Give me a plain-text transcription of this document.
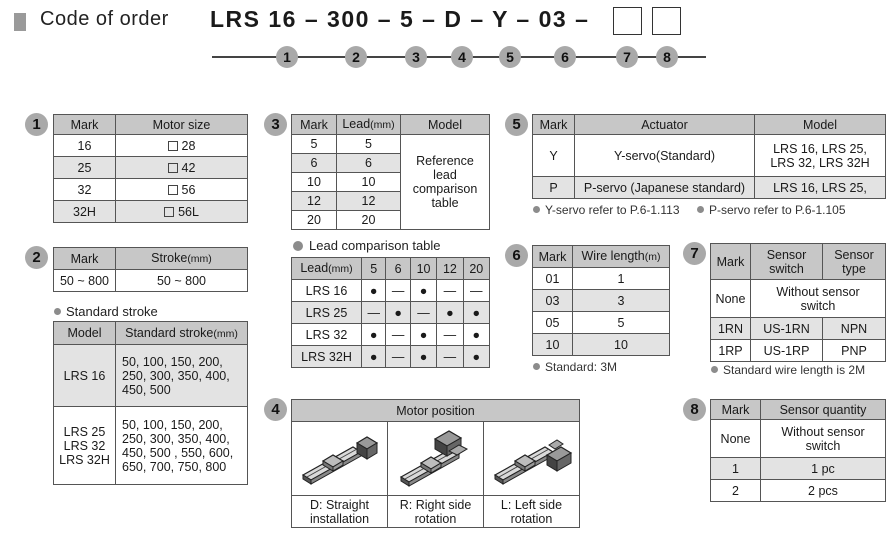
Code of order LRS 16 – 300 – 5 – D – Y – 03 –
1	2	3	4	5	6	7	8
1	Mark	Motor size
16	28
25	42
32	56
32H	56L
2	Mark	Stroke(mm)
50 ~ 800	50 ~ 800
Standard stroke
Model	Standard stroke(mm)
LRS 16	50, 100, 150, 200, 250, 300, 350, 400, 450, 500
LRS 25 LRS 32 LRS 32H	50, 100, 150, 200, 250, 300, 350, 400, 450, 500 , 550, 600, 650, 700, 750, 800
3	Mark	Lead(mm)	Model
5	5	Reference lead comparison table
6	6	
10	10	
12	12	
20	20	
Lead comparison table
Lead(mm)	5	6	10	12	20
LRS 16	●	—	●	—	—
LRS 25	—	●	—	●	●
LRS 32	●	—	●	—	●
LRS 32H	●	—	●	—	●
4	Motor position		

D: Straight installation	R: Right side rotation	L: Left side rotation
5	Mark	Actuator	Model
Y	Y-servo(Standard)	LRS 16, LRS 25, LRS 32, LRS 32H
P	P-servo (Japanese standard)	LRS 16, LRS 25,
Y-servo refer to P.6-1.113	P-servo refer to P.6-1.105
6	Mark	Wire length(m)
01	1
03	3
05	5
10	10
Standard: 3M
7	Mark	Sensor switch	Sensor type
None	Without sensor switch	
1RN	US-1RN	NPN
1RP	US-1RP	PNP
Standard wire length is 2M
8	Mark	Sensor quantity
None	Without sensor switch
1	1 pc
2	2 pcs
